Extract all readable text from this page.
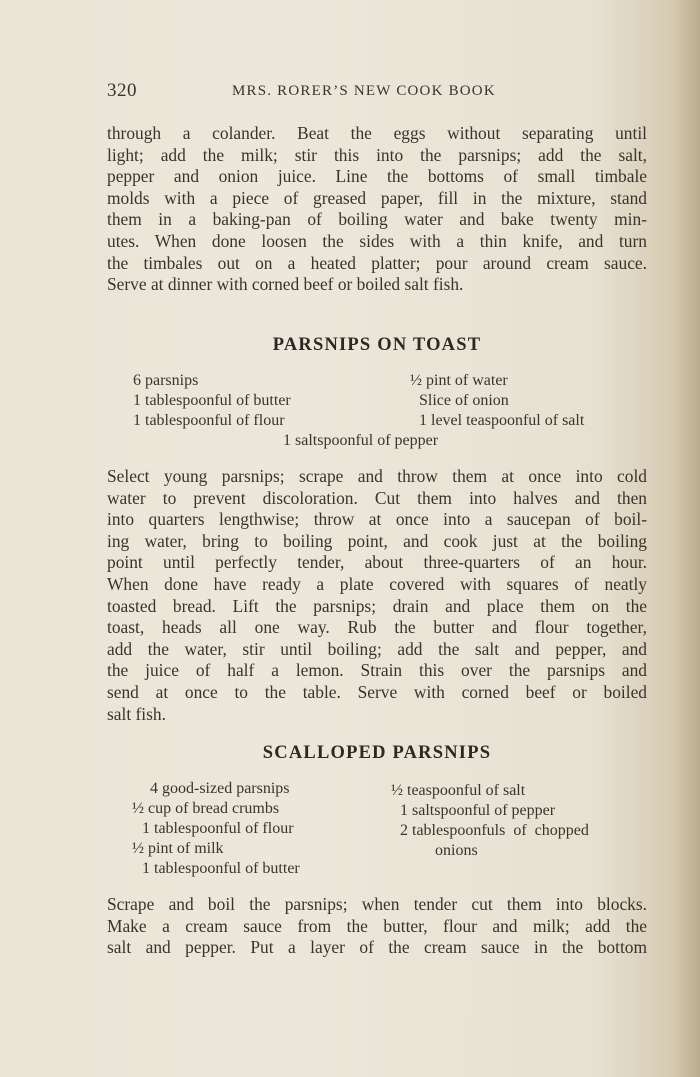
320	MRS. RORER’S NEW COOK BOOK
through a colander. Beat the eggs without separating until
light; add the milk; stir this into the parsnips; add the salt,
pepper and onion juice. Line the bottoms of small timbale
molds with a piece of greased paper, fill in the mixture, stand
them in a baking-pan of boiling water and bake twenty min-
utes. When done loosen the sides with a thin knife, and turn
the timbales out on a heated platter; pour around cream sauce.
Serve at dinner with corned beef or boiled salt fish.
PARSNIPS ON TOAST
6 parsnips
1 tablespoonful of butter
1 tablespoonful of flour
½ pint of water
Slice of onion
1 level teaspoonful of salt
1 saltspoonful of pepper
Select young parsnips; scrape and throw them at once into cold
water to prevent discoloration. Cut them into halves and then
into quarters lengthwise; throw at once into a saucepan of boil-
ing water, bring to boiling point, and cook just at the boiling
point until perfectly tender, about three-quarters of an hour.
When done have ready a plate covered with squares of neatly
toasted bread. Lift the parsnips; drain and place them on the
toast, heads all one way. Rub the butter and flour together,
add the water, stir until boiling; add the salt and pepper, and
the juice of half a lemon. Strain this over the parsnips and
send at once to the table. Serve with corned beef or boiled
salt fish.
SCALLOPED PARSNIPS
4 good-sized parsnips
½ cup of bread crumbs
1 tablespoonful of flour
½ pint of milk
1 tablespoonful of butter
½ teaspoonful of salt
1 saltspoonful of pepper
2 tablespoonfuls  of  chopped
onions
Scrape and boil the parsnips; when tender cut them into blocks.
Make a cream sauce from the butter, flour and milk; add the
salt and pepper. Put a layer of the cream sauce in the bottom
